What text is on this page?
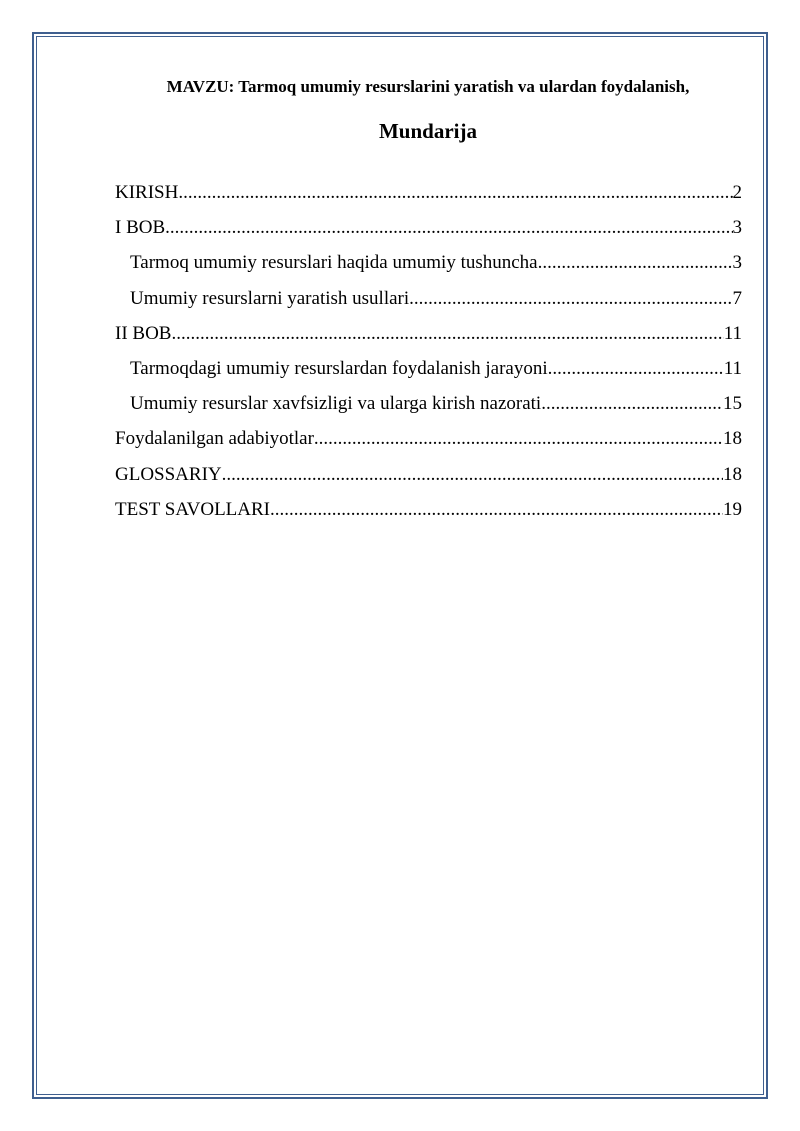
MAVZU: Tarmoq umumiy resurslarini yaratish va ulardan foydalanish,
Mundarija
KIRISH .....	2
I BOB .....	3
Tarmoq umumiy resurslari haqida umumiy tushuncha .....	3
Umumiy resurslarni yaratish usullari .....	7
II BOB .....	11
Tarmoqdagi umumiy resurslardan foydalanish jarayoni .....	11
Umumiy resurslar xavfsizligi va ularga kirish nazorati .....	15
Foydalanilgan adabiyotlar .....	18
GLOSSARIY .....	18
TEST SAVOLLARI .....	19
